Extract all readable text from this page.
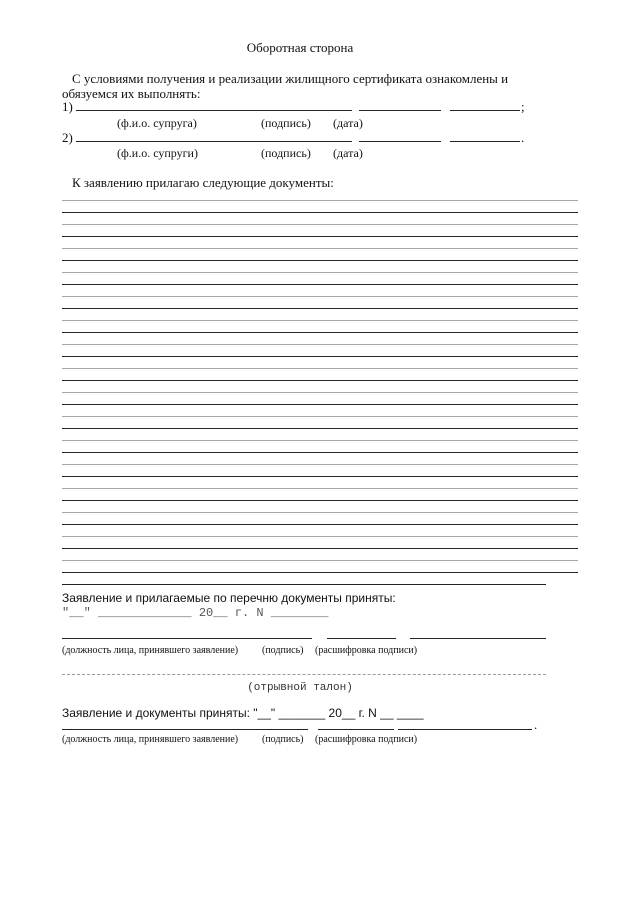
Оборотная сторона
С условиями получения и реализации жилищного сертификата ознакомлены и
обязуемся их выполнять:
1)	;
(ф.и.о. супруга)	(подпись) (дата)
2)	.
(ф.и.о. супруги)	(подпись) (дата)
К заявлению прилагаю следующие документы:
Заявление и прилагаемые по перечню документы приняты:
"__" _____________ 20__ г. N ________
(должность лица, принявшего заявление) (подпись) (расшифровка подписи)
(отрывной талон)
Заявление и документы приняты: "__" _______ 20__ г. N __ ____
.
(должность лица, принявшего заявление) (подпись) (расшифровка подписи)
